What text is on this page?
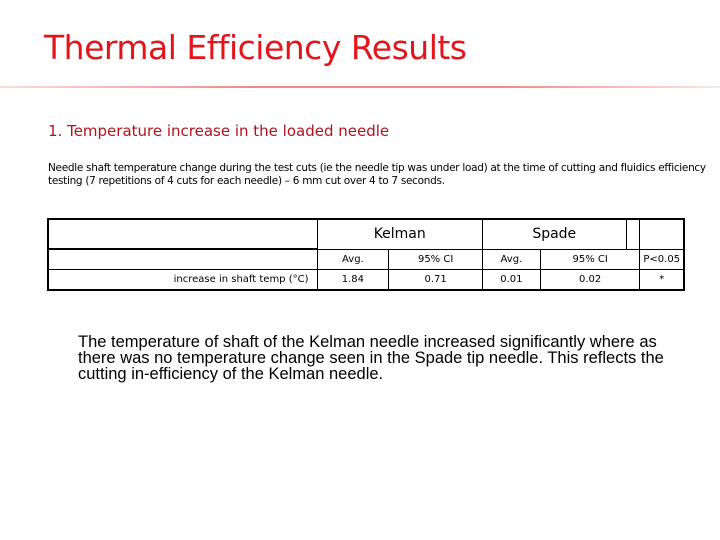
Thermal Efficiency Results
1. Temperature increase in the loaded needle
Needle shaft temperature change during the test cuts (ie the needle tip was under load) at the time of cutting and fluidics efficiency testing (7 repetitions of 4 cuts for each needle) – 6 mm cut over 4 to 7 seconds.
	Kelman		Spade			
	Avg.	95% CI	Avg.	95% CI		P<0.05
increase in shaft temp (°C)	1.84	0.71	0.01	0.02		*
The temperature of shaft of the Kelman needle increased significantly where as there was no temperature change seen in the Spade tip needle. This reflects the cutting in-efficiency of the Kelman needle.
